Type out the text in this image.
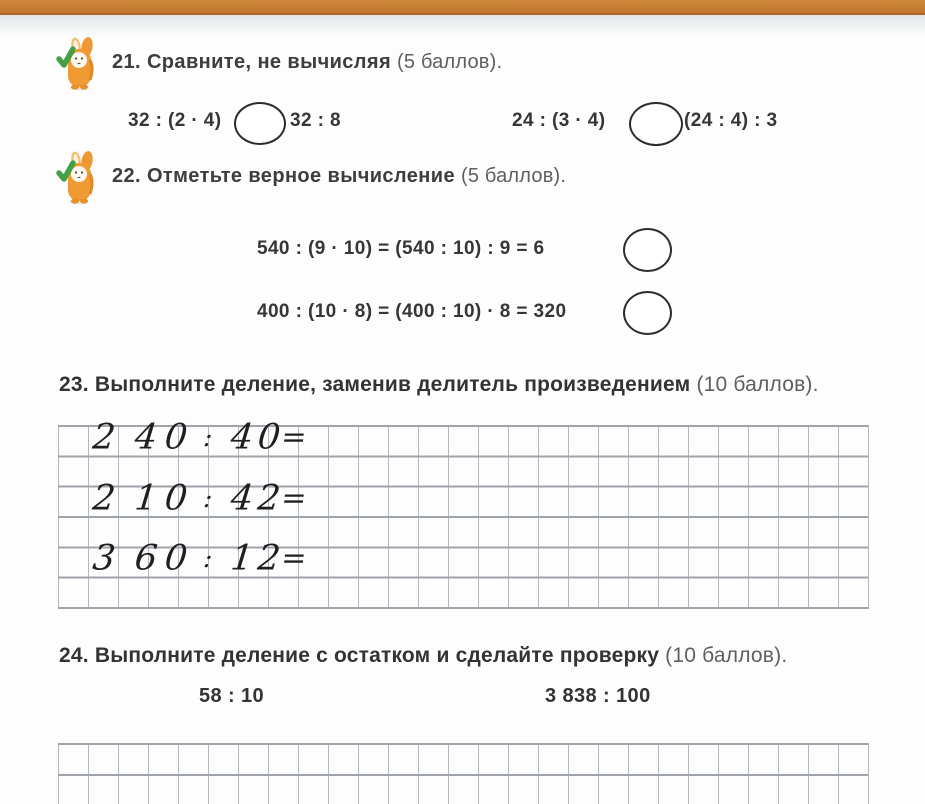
21. Сравните, не вычисляя (5 баллов).
32 : (2 · 4)	32 : 8	24 : (3 · 4)	(24 : 4) : 3
22. Отметьте верное вычисление (5 баллов).
540 : (9 · 10) = (540 : 10) : 9 = 6
400 : (10 · 8) = (400 : 10) · 8 = 320
23. Выполните деление, заменив делитель произведением (10 баллов).
2 4 0 : 4 0
=
2 1 0 : 4 2
=
3 6 0 : 1 2
=
24. Выполните деление с остатком и сделайте проверку (10 баллов).
58 : 10	3 838 : 100
